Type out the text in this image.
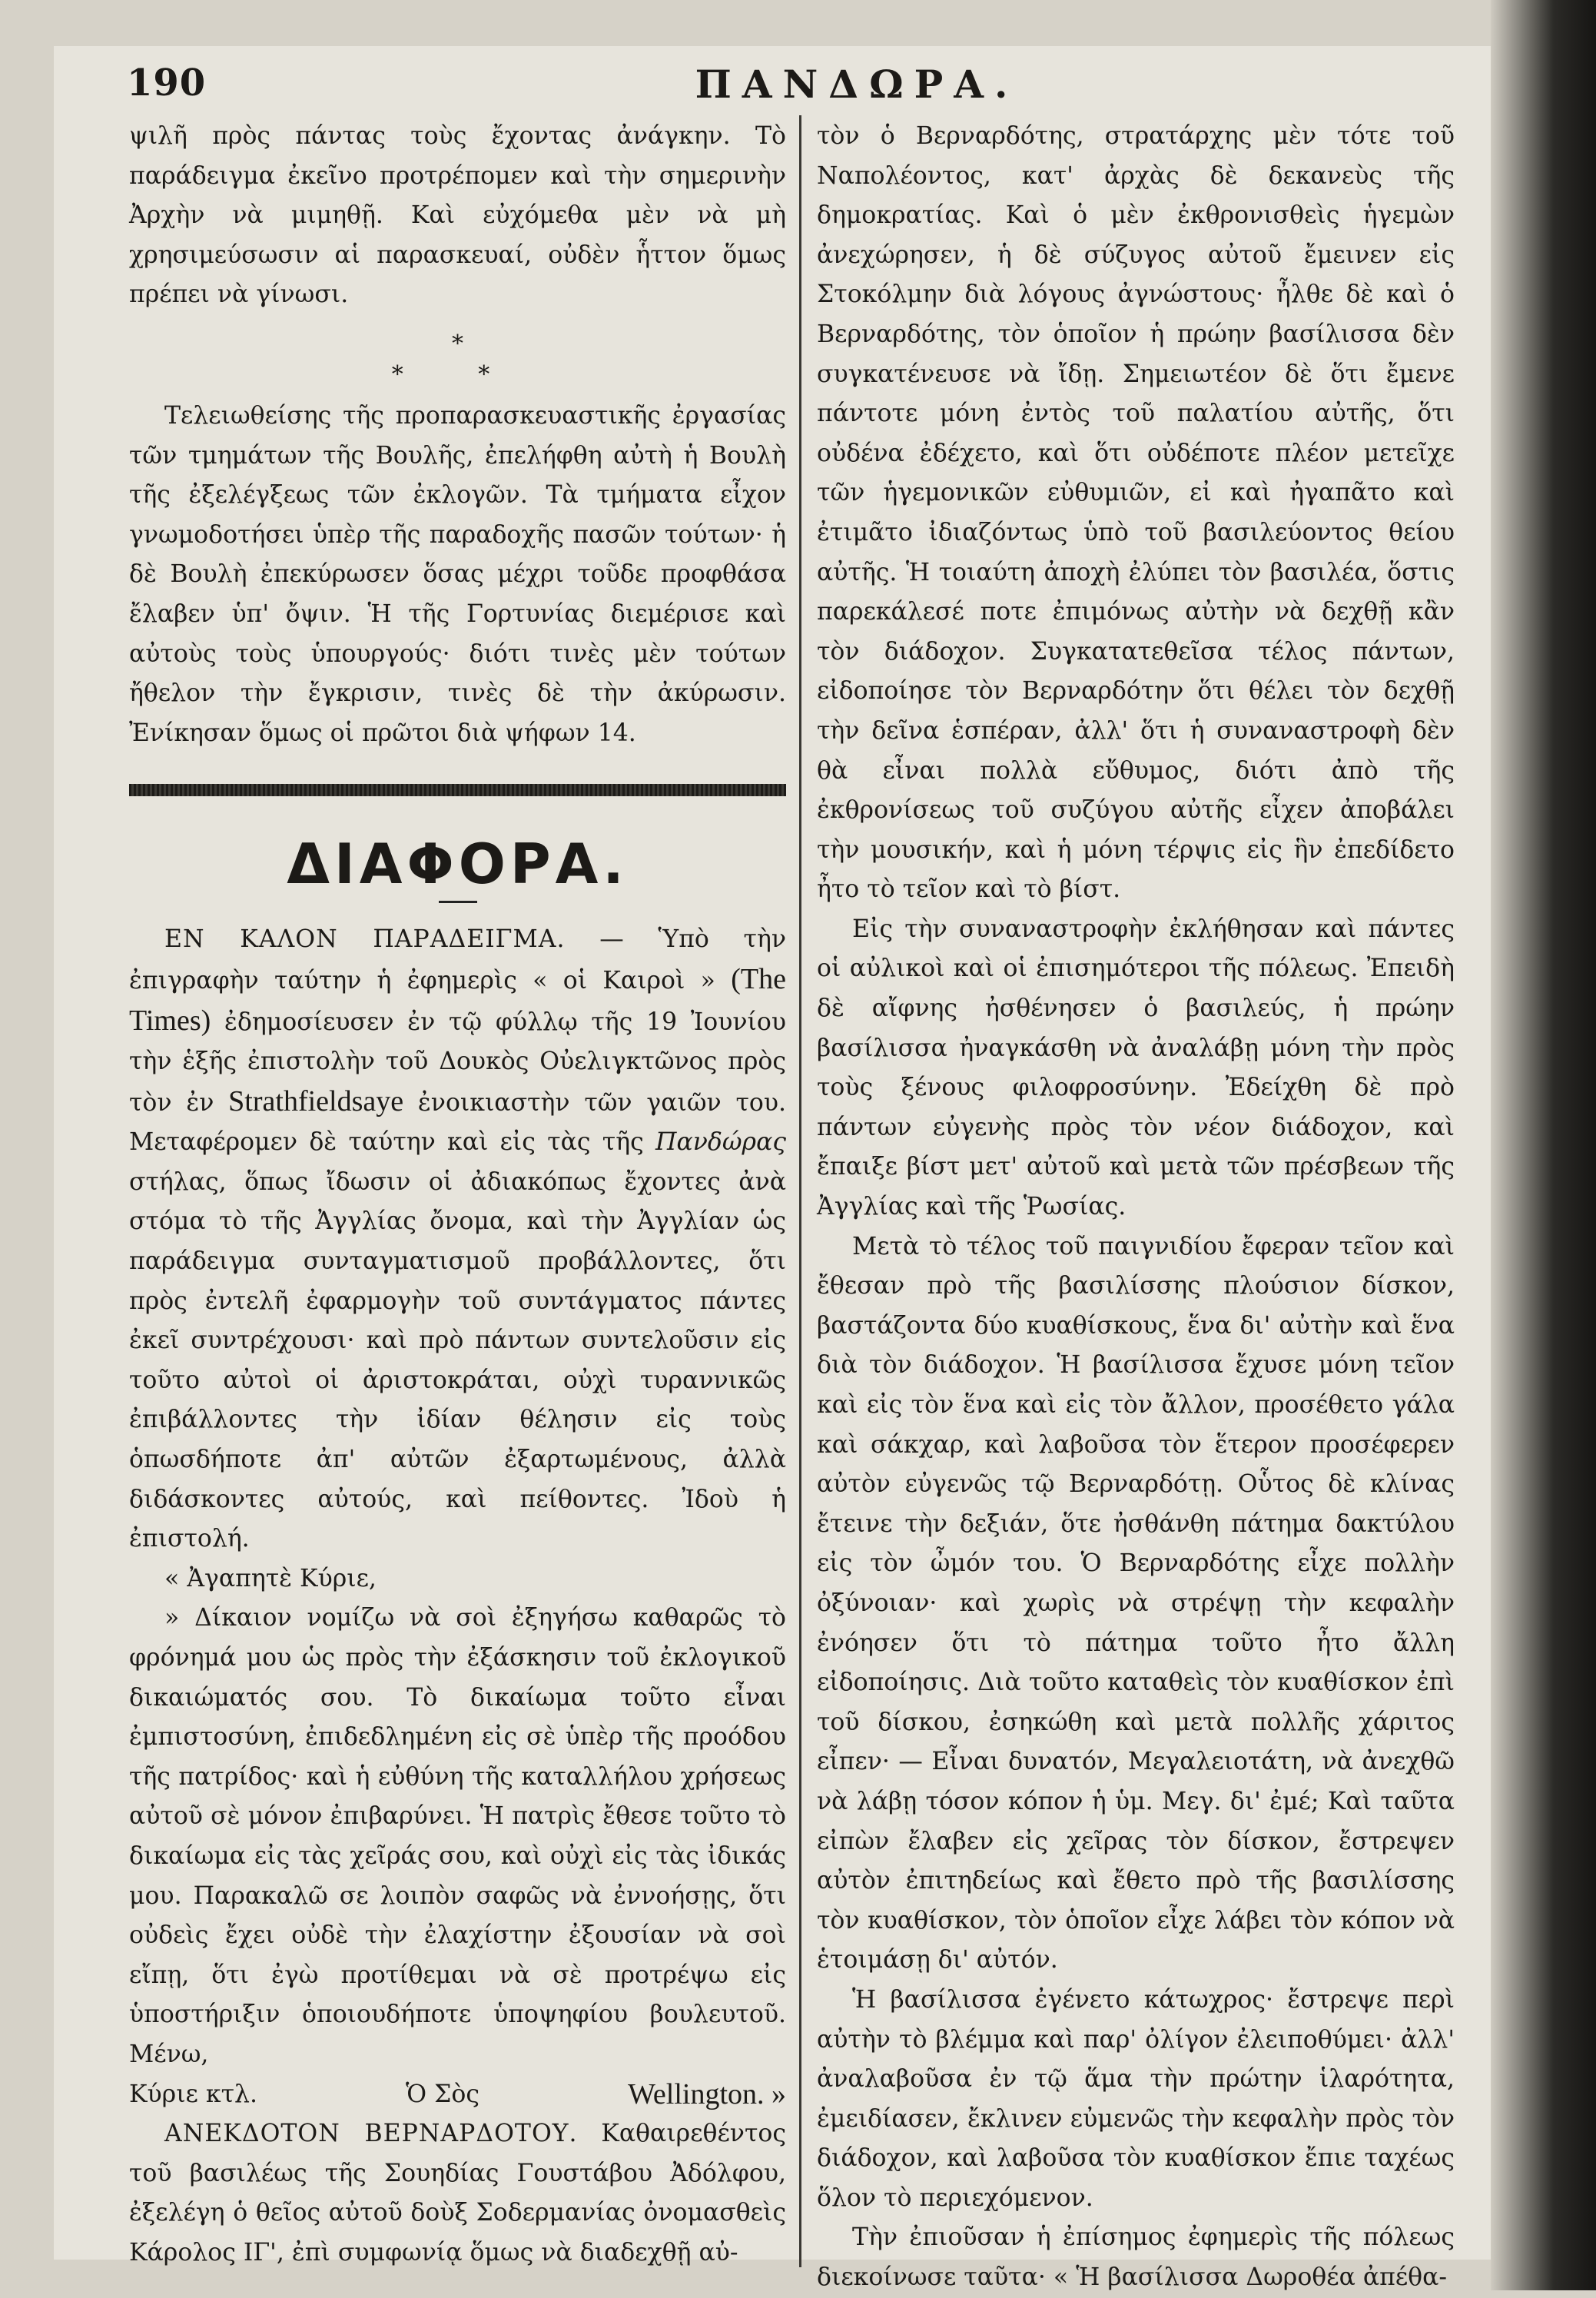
190	ΠΑΝΔΩΡΑ.

ψιλῆ πρὸς πάντας τοὺς ἔχοντας ἀνάγκην. Τὸ παράδειγμα ἐκεῖνο προτρέπομεν καὶ τὴν σημερινὴν Ἀρχὴν νὰ μιμηθῇ. Καὶ εὐχόμεθα μὲν νὰ μὴ χρησιμεύσωσιν αἱ παρασκευαί, οὐδὲν ἧττον ὅμως πρέπει νὰ γίνωσι.

*
* *

Τελειωθείσης τῆς προπαρασκευαστικῆς ἐργασίας τῶν τμημάτων τῆς Βουλῆς, ἐπελήφθη αὐτὴ ἡ Βουλὴ τῆς ἐξελέγξεως τῶν ἐκλογῶν. Τὰ τμήματα εἶχον γνωμοδοτήσει ὑπὲρ τῆς παραδοχῆς πασῶν τούτων· ἡ δὲ Βουλὴ ἐπεκύρωσεν ὅσας μέχρι τοῦδε προφθάσα ἔλαβεν ὑπ' ὄψιν. Ἡ τῆς Γορτυνίας διεμέρισε καὶ αὐτοὺς τοὺς ὑπουργούς· διότι τινὲς μὲν τούτων ἤθελον τὴν ἔγκρισιν, τινὲς δὲ τὴν ἀκύρωσιν. Ἐνίκησαν ὅμως οἱ πρῶτοι διὰ ψήφων 14.

ΔΙΑΦΟΡΑ.

ΕΝ ΚΑΛΟΝ ΠΑΡΑΔΕΙΓΜΑ. — Ὑπὸ τὴν ἐπιγραφὴν ταύτην ἡ ἐφημερὶς « οἱ Καιροὶ » (The Times) ἐδημοσίευσεν ἐν τῷ φύλλῳ τῆς 19 Ἰουνίου τὴν ἑξῆς ἐπιστολὴν τοῦ Δουκὸς Οὐελιγκτῶνος πρὸς τὸν ἐν Strathfieldsaye ἐνοικιαστὴν τῶν γαιῶν του. Μεταφέρομεν δὲ ταύτην καὶ εἰς τὰς τῆς Πανδώρας στήλας, ὅπως ἴδωσιν οἱ ἀδιακόπως ἔχοντες ἀνὰ στόμα τὸ τῆς Ἀγγλίας ὄνομα, καὶ τὴν Ἀγγλίαν ὡς παράδειγμα συνταγματισμοῦ προβάλλοντες, ὅτι πρὸς ἐντελῆ ἐφαρμογὴν τοῦ συντάγματος πάντες ἐκεῖ συντρέχουσι· καὶ πρὸ πάντων συντελοῦσιν εἰς τοῦτο αὐτοὶ οἱ ἀριστοκράται, οὐχὶ τυραννικῶς ἐπιβάλλοντες τὴν ἰδίαν θέλησιν εἰς τοὺς ὁπωσδήποτε ἀπ' αὐτῶν ἐξαρτωμένους, ἀλλὰ διδάσκοντες αὐτούς, καὶ πείθοντες. Ἰδοὺ ἡ ἐπιστολή.

« Ἀγαπητὲ Κύριε,

» Δίκαιον νομίζω νὰ σοὶ ἐξηγήσω καθαρῶς τὸ φρόνημά μου ὡς πρὸς τὴν ἐξάσκησιν τοῦ ἐκλογικοῦ δικαιώματός σου. Τὸ δικαίωμα τοῦτο εἶναι ἐμπιστοσύνη, ἐπιδεδλημένη εἰς σὲ ὑπὲρ τῆς προόδου τῆς πατρίδος· καὶ ἡ εὐθύνη τῆς καταλλήλου χρήσεως αὐτοῦ σὲ μόνον ἐπιβαρύνει. Ἡ πατρὶς ἔθεσε τοῦτο τὸ δικαίωμα εἰς τὰς χεῖράς σου, καὶ οὐχὶ εἰς τὰς ἰδικάς μου. Παρακαλῶ σε λοιπὸν σαφῶς νὰ ἐννοήσῃς, ὅτι οὐδεὶς ἔχει οὐδὲ τὴν ἐλαχίστην ἐξουσίαν νὰ σοὶ εἴπῃ, ὅτι ἐγὼ προτίθεμαι νὰ σὲ προτρέψω εἰς ὑποστήριξιν ὁποιουδήποτε ὑποψηφίου βουλευτοῦ. Μένω,

Κύριε κτλ.	Ὁ Σὸς	Wellington. »

ΑΝΕΚΔΟΤΟΝ ΒΕΡΝΑΡΔΟΤΟΥ. Καθαιρεθέντος τοῦ βασιλέως τῆς Σουηδίας Γουστάβου Ἀδόλφου, ἐξελέγη ὁ θεῖος αὐτοῦ δοὺξ Σοδερμανίας ὀνομασθεὶς Κάρολος ΙΓ', ἐπὶ συμφωνίᾳ ὅμως νὰ διαδεχθῇ αὐ-

τὸν ὁ Βερναρδότης, στρατάρχης μὲν τότε τοῦ Ναπολέοντος, κατ' ἀρχὰς δὲ δεκανεὺς τῆς δημοκρατίας. Καὶ ὁ μὲν ἐκθρονισθεὶς ἡγεμὼν ἀνεχώρησεν, ἡ δὲ σύζυγος αὐτοῦ ἔμεινεν εἰς Στοκόλμην διὰ λόγους ἀγνώστους· ἦλθε δὲ καὶ ὁ Βερναρδότης, τὸν ὁποῖον ἡ πρώην βασίλισσα δὲν συγκατένευσε νὰ ἴδῃ. Σημειωτέον δὲ ὅτι ἔμενε πάντοτε μόνη ἐντὸς τοῦ παλατίου αὐτῆς, ὅτι οὐδένα ἐδέχετο, καὶ ὅτι οὐδέποτε πλέον μετεῖχε τῶν ἡγεμονικῶν εὐθυμιῶν, εἰ καὶ ἠγαπᾶτο καὶ ἐτιμᾶτο ἰδιαζόντως ὑπὸ τοῦ βασιλεύοντος θείου αὐτῆς. Ἡ τοιαύτη ἀποχὴ ἐλύπει τὸν βασιλέα, ὅστις παρεκάλεσέ ποτε ἐπιμόνως αὐτὴν νὰ δεχθῇ κἂν τὸν διάδοχον. Συγκατατεθεῖσα τέλος πάντων, εἰδοποίησε τὸν Βερναρδότην ὅτι θέλει τὸν δεχθῇ τὴν δεῖνα ἑσπέραν, ἀλλ' ὅτι ἡ συναναστροφὴ δὲν θὰ εἶναι πολλὰ εὔθυμος, διότι ἀπὸ τῆς ἐκθρονίσεως τοῦ συζύγου αὐτῆς εἶχεν ἀποβάλει τὴν μουσικήν, καὶ ἡ μόνη τέρψις εἰς ἣν ἐπεδίδετο ἦτο τὸ τεῖον καὶ τὸ βίστ.

Εἰς τὴν συναναστροφὴν ἐκλήθησαν καὶ πάντες οἱ αὐλικοὶ καὶ οἱ ἐπισημότεροι τῆς πόλεως. Ἐπειδὴ δὲ αἴφνης ἠσθένησεν ὁ βασιλεύς, ἡ πρώην βασίλισσα ἠναγκάσθη νὰ ἀναλάβῃ μόνη τὴν πρὸς τοὺς ξένους φιλοφροσύνην. Ἐδείχθη δὲ πρὸ πάντων εὐγενὴς πρὸς τὸν νέον διάδοχον, καὶ ἔπαιξε βίστ μετ' αὐτοῦ καὶ μετὰ τῶν πρέσβεων τῆς Ἀγγλίας καὶ τῆς Ῥωσίας.

Μετὰ τὸ τέλος τοῦ παιγνιδίου ἔφεραν τεῖον καὶ ἔθεσαν πρὸ τῆς βασιλίσσης πλούσιον δίσκον, βαστάζοντα δύο κυαθίσκους, ἕνα δι' αὐτὴν καὶ ἕνα διὰ τὸν διάδοχον. Ἡ βασίλισσα ἔχυσε μόνη τεῖον καὶ εἰς τὸν ἕνα καὶ εἰς τὸν ἄλλον, προσέθετο γάλα καὶ σάκχαρ, καὶ λαβοῦσα τὸν ἕτερον προσέφερεν αὐτὸν εὐγενῶς τῷ Βερναρδότῃ. Οὗτος δὲ κλίνας ἔτεινε τὴν δεξιάν, ὅτε ἠσθάνθη πάτημα δακτύλου εἰς τὸν ὦμόν του. Ὁ Βερναρδότης εἶχε πολλὴν ὀξύνοιαν· καὶ χωρὶς νὰ στρέψῃ τὴν κεφαλὴν ἐνόησεν ὅτι τὸ πάτημα τοῦτο ἦτο ἄλλη εἰδοποίησις. Διὰ τοῦτο καταθεὶς τὸν κυαθίσκον ἐπὶ τοῦ δίσκου, ἐσηκώθη καὶ μετὰ πολλῆς χάριτος εἶπεν· — Εἶναι δυνατόν, Μεγαλειοτάτη, νὰ ἀνεχθῶ νὰ λάβῃ τόσον κόπον ἡ ὑμ. Μεγ. δι' ἐμέ; Καὶ ταῦτα εἰπὼν ἔλαβεν εἰς χεῖρας τὸν δίσκον, ἔστρεψεν αὐτὸν ἐπιτηδείως καὶ ἔθετο πρὸ τῆς βασιλίσσης τὸν κυαθίσκον, τὸν ὁποῖον εἶχε λάβει τὸν κόπον νὰ ἑτοιμάσῃ δι' αὐτόν.

Ἡ βασίλισσα ἐγένετο κάτωχρος· ἔστρεψε περὶ αὐτὴν τὸ βλέμμα καὶ παρ' ὀλίγον ἐλειποθύμει· ἀλλ' ἀναλαβοῦσα ἐν τῷ ἅμα τὴν πρώτην ἱλαρότητα, ἐμειδίασεν, ἔκλινεν εὐμενῶς τὴν κεφαλὴν πρὸς τὸν διάδοχον, καὶ λαβοῦσα τὸν κυαθίσκον ἔπιε ταχέως ὅλον τὸ περιεχόμενον.

Τὴν ἐπιοῦσαν ἡ ἐπίσημος ἐφημερὶς τῆς πόλεως διεκοίνωσε ταῦτα· « Ἡ βασίλισσα Δωροθέα ἀπέθα-
